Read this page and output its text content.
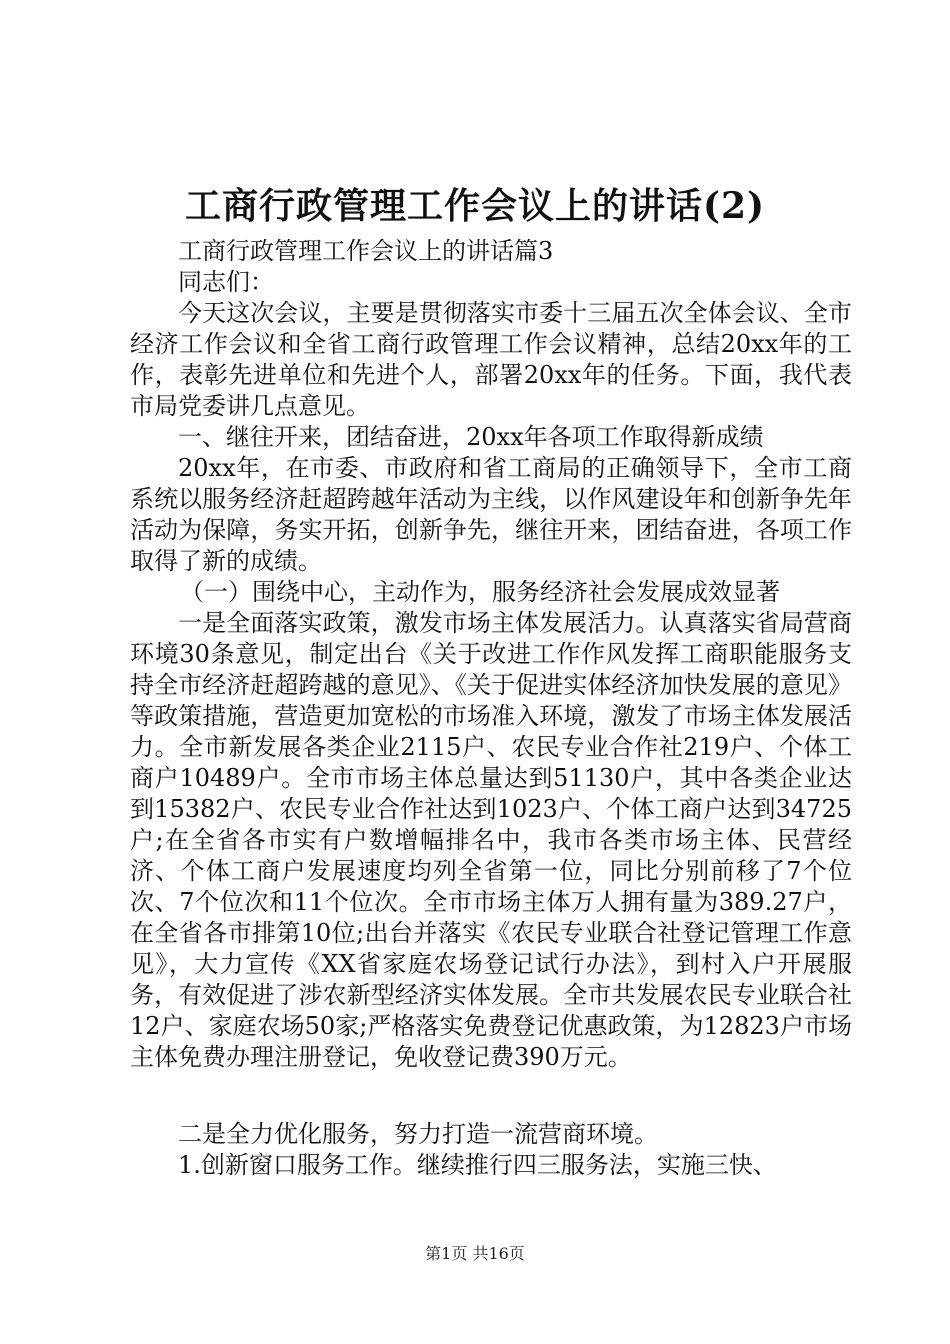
工商行政管理工作会议上的讲话(2)

工商行政管理工作会议上的讲话篇3

同志们：

今天这次会议，主要是贯彻落实市委十三届五次全体会议、全市经济工作会议和全省工商行政管理工作会议精神，总结20xx年的工作，表彰先进单位和先进个人，部署20xx年的任务。下面，我代表市局党委讲几点意见。

一、继往开来，团结奋进，20xx年各项工作取得新成绩

20xx年，在市委、市政府和省工商局的正确领导下，全市工商系统以服务经济赶超跨越年活动为主线，以作风建设年和创新争先年活动为保障，务实开拓，创新争先，继往开来，团结奋进，各项工作取得了新的成绩。

（一）围绕中心，主动作为，服务经济社会发展成效显著

一是全面落实政策，激发市场主体发展活力。认真落实省局营商环境30条意见，制定出台《关于改进工作作风发挥工商职能服务支持全市经济赶超跨越的意见》、《关于促进实体经济加快发展的意见》等政策措施，营造更加宽松的市场准入环境，激发了市场主体发展活力。全市新发展各类企业2115户、农民专业合作社219户、个体工商户10489户。全市市场主体总量达到51130户，其中各类企业达到15382户、农民专业合作社达到1023户、个体工商户达到34725户;在全省各市实有户数增幅排名中，我市各类市场主体、民营经济、个体工商户发展速度均列全省第一位，同比分别前移了7个位次、7个位次和11个位次。全市市场主体万人拥有量为389.27户，在全省各市排第10位;出台并落实《农民专业联合社登记管理工作意见》，大力宣传《XX省家庭农场登记试行办法》，到村入户开展服务，有效促进了涉农新型经济实体发展。全市共发展农民专业联合社12户、家庭农场50家;严格落实免费登记优惠政策，为12823户市场主体免费办理注册登记，免收登记费390万元。

二是全力优化服务，努力打造一流营商环境。

1.创新窗口服务工作。继续推行四三服务法，实施三快、

第1页 共16页
